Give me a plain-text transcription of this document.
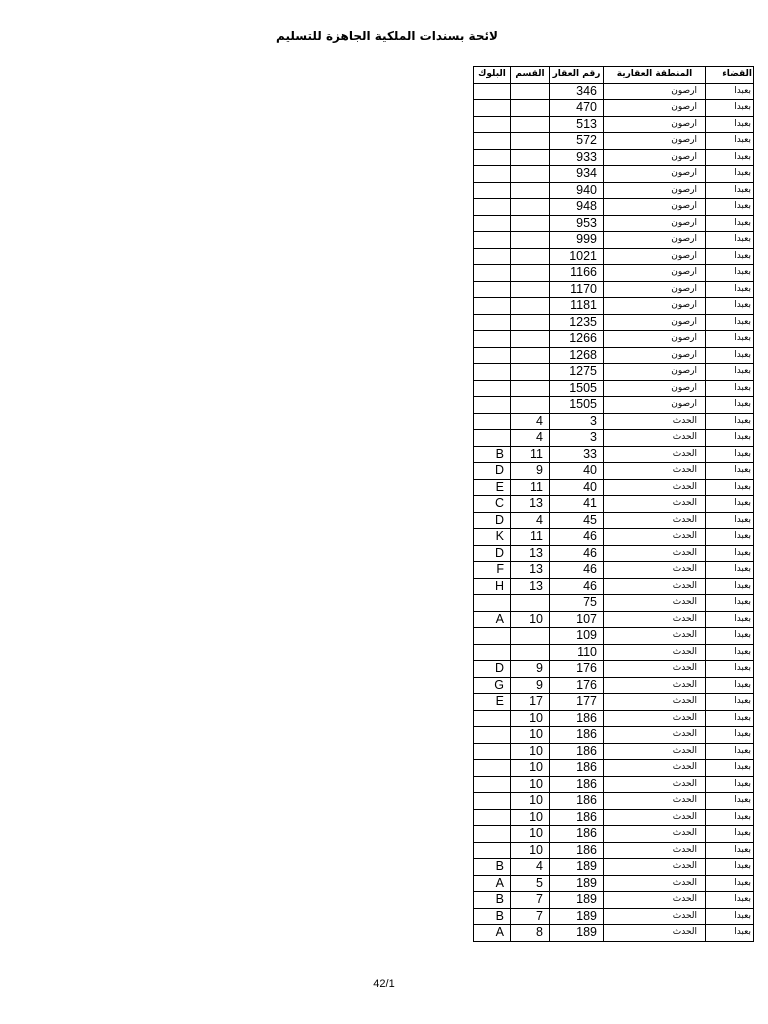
لائحة بسندات الملكية الجاهزة للتسليم
البلوك	القسم	رقم العقار	المنطقة العقارية	القضاء
		346	ارصون	بعبدا
		470	ارصون	بعبدا
		513	ارصون	بعبدا
		572	ارصون	بعبدا
		933	ارصون	بعبدا
		934	ارصون	بعبدا
		940	ارصون	بعبدا
		948	ارصون	بعبدا
		953	ارصون	بعبدا
		999	ارصون	بعبدا
		1021	ارصون	بعبدا
		1166	ارصون	بعبدا
		1170	ارصون	بعبدا
		1181	ارصون	بعبدا
		1235	ارصون	بعبدا
		1266	ارصون	بعبدا
		1268	ارصون	بعبدا
		1275	ارصون	بعبدا
		1505	ارصون	بعبدا
		1505	ارصون	بعبدا
	4	3	الحدث	بعبدا
	4	3	الحدث	بعبدا
B	11	33	الحدث	بعبدا
D	9	40	الحدث	بعبدا
E	11	40	الحدث	بعبدا
C	13	41	الحدث	بعبدا
D	4	45	الحدث	بعبدا
K	11	46	الحدث	بعبدا
D	13	46	الحدث	بعبدا
F	13	46	الحدث	بعبدا
H	13	46	الحدث	بعبدا
		75	الحدث	بعبدا
A	10	107	الحدث	بعبدا
		109	الحدث	بعبدا
		110	الحدث	بعبدا
D	9	176	الحدث	بعبدا
G	9	176	الحدث	بعبدا
E	17	177	الحدث	بعبدا
	10	186	الحدث	بعبدا
	10	186	الحدث	بعبدا
	10	186	الحدث	بعبدا
	10	186	الحدث	بعبدا
	10	186	الحدث	بعبدا
	10	186	الحدث	بعبدا
	10	186	الحدث	بعبدا
	10	186	الحدث	بعبدا
	10	186	الحدث	بعبدا
B	4	189	الحدث	بعبدا
A	5	189	الحدث	بعبدا
B	7	189	الحدث	بعبدا
B	7	189	الحدث	بعبدا
A	8	189	الحدث	بعبدا
42/1
